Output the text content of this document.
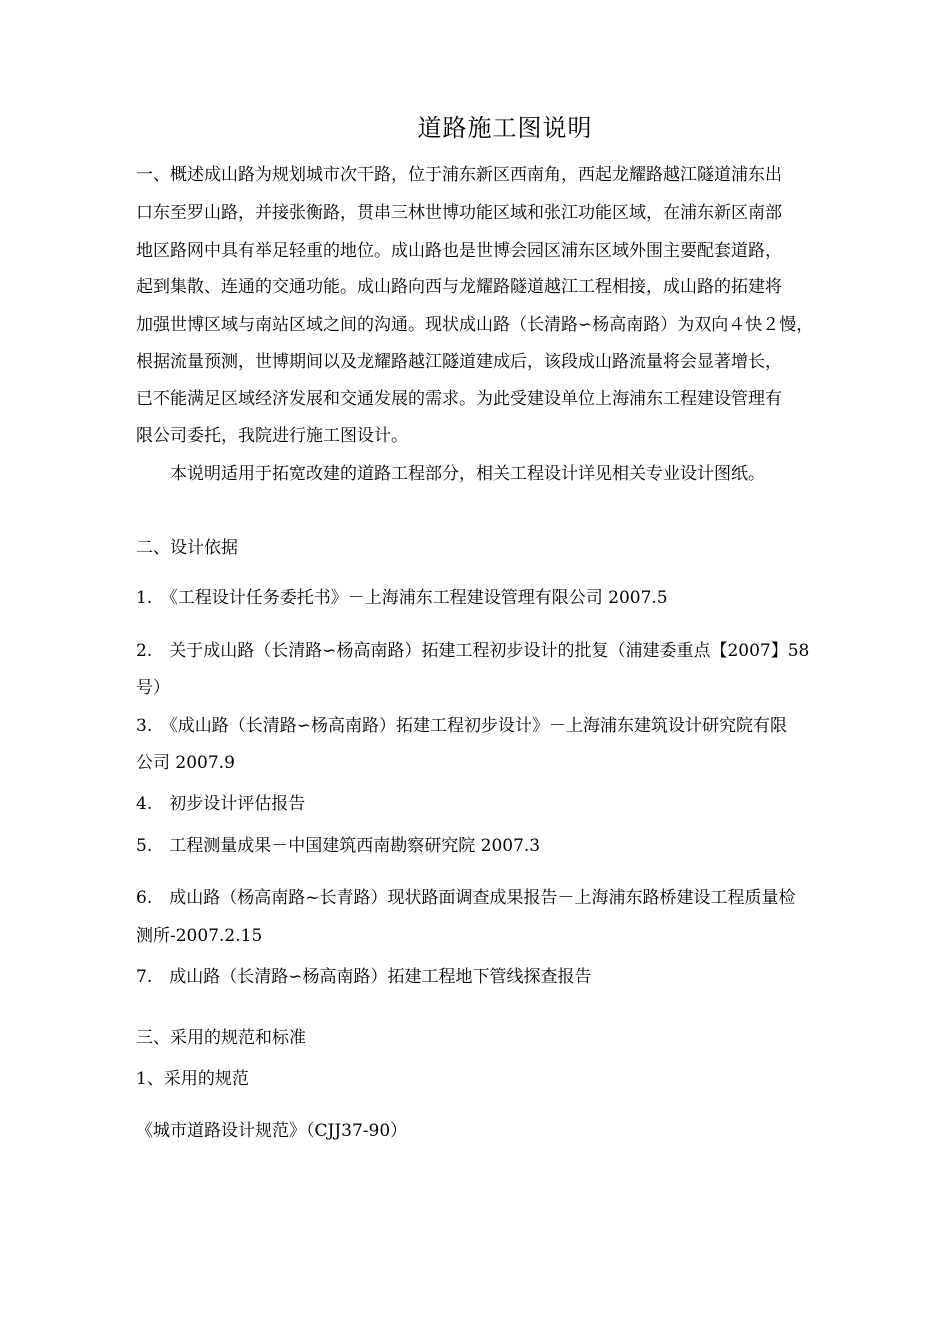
道路施工图说明
一、概述成山路为规划城市次干路，位于浦东新区西南角，西起龙耀路越江隧道浦东出
口东至罗山路，并接张衡路，贯串三林世博功能区域和张江功能区域，在浦东新区南部
地区路网中具有举足轻重的地位。成山路也是世博会园区浦东区域外围主要配套道路，
起到集散、连通的交通功能。成山路向西与龙耀路隧道越江工程相接，成山路的拓建将
加强世博区域与南站区域之间的沟通。现状成山路（长清路∽杨高南路）为双向４快２慢，
根据流量预测，世博期间以及龙耀路越江隧道建成后，该段成山路流量将会显著增长，
已不能满足区域经济发展和交通发展的需求。为此受建设单位上海浦东工程建设管理有
限公司委托，我院进行施工图设计。
本说明适用于拓宽改建的道路工程部分，相关工程设计详见相关专业设计图纸。
二、设计依据
1.　《工程设计任务委托书》－上海浦东工程建设管理有限公司 2007.5
2.　关于成山路（长清路∽杨高南路）拓建工程初步设计的批复（浦建委重点【2007】58
号）
3.　《成山路（长清路∽杨高南路）拓建工程初步设计》－上海浦东建筑设计研究院有限
公司 2007.9
4.　初步设计评估报告
5.　工程测量成果－中国建筑西南勘察研究院 2007.3
6.　成山路（杨高南路~长青路）现状路面调查成果报告－上海浦东路桥建设工程质量检
测所-2007.2.15
7.　成山路（长清路∽杨高南路）拓建工程地下管线探查报告
三、采用的规范和标准
1、采用的规范
《城市道路设计规范》（CJJ37-90）
